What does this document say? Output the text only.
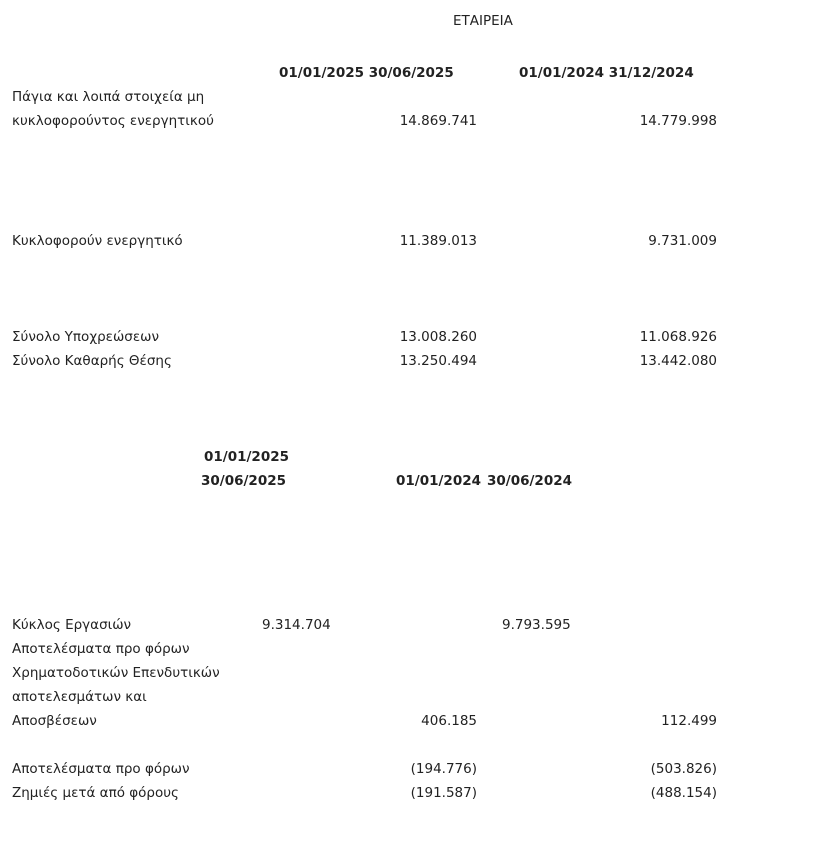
ΕΤΑΙΡΕΙΑ
01/01/2025 30/06/2025	01/01/2024 31/12/2024
Πάγια και λοιπά στοιχεία μη
κυκλοφορούντος ενεργητικού	14.869.741	14.779.998
Κυκλοφορούν ενεργητικό	11.389.013	9.731.009
Σύνολο Υποχρεώσεων	13.008.260	11.068.926
Σύνολο Καθαρής Θέσης	13.250.494	13.442.080
01/01/2025
30/06/2025	01/01/2024 30/06/2024
Κύκλος Εργασιών	9.314.704	9.793.595
Αποτελέσματα προ φόρων
Χρηματοδοτικών Επενδυτικών
αποτελεσμάτων και
Αποσβέσεων	406.185	112.499
Αποτελέσματα προ φόρων	(194.776)	(503.826)
Ζημιές μετά από φόρους	(191.587)	(488.154)
